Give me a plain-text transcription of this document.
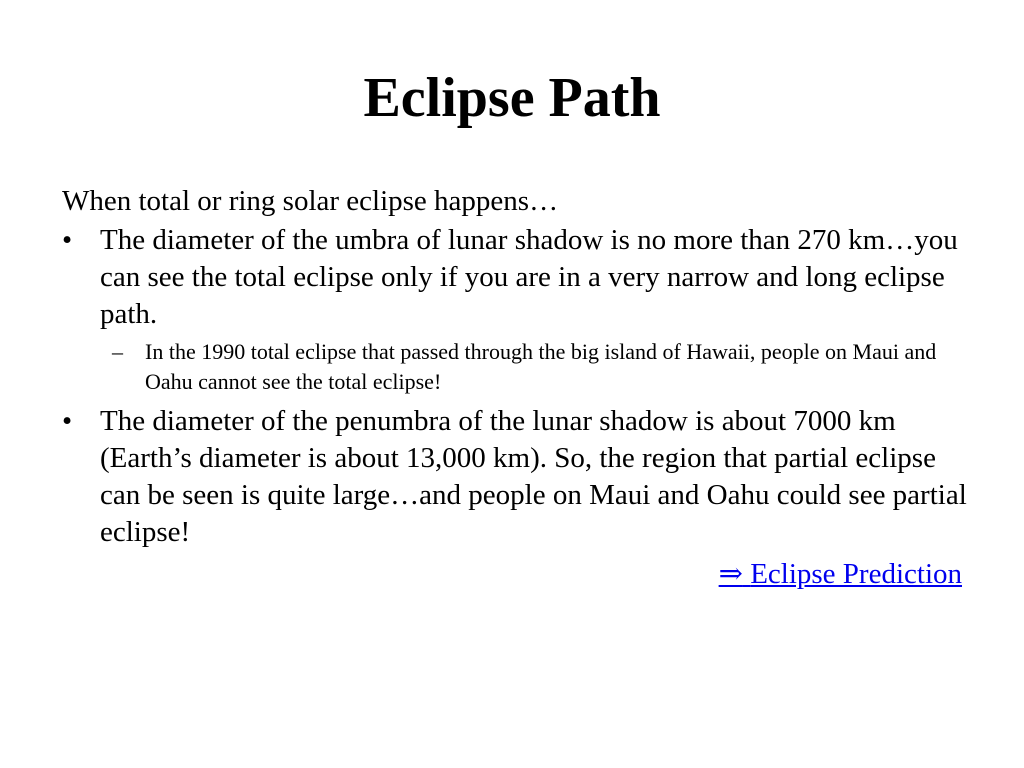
Eclipse Path

When total or ring solar eclipse happens…

• The diameter of the umbra of lunar shadow is no more than 270 km…you can see the total eclipse only if you are in a very narrow and long eclipse path.
– In the 1990 total eclipse that passed through the big island of Hawaii, people on Maui and Oahu cannot see the total eclipse!
• The diameter of the penumbra of the lunar shadow is about 7000 km (Earth’s diameter is about 13,000 km). So, the region that partial eclipse can be seen is quite large…and people on Maui and Oahu could see partial eclipse!
⇒ Eclipse Prediction
